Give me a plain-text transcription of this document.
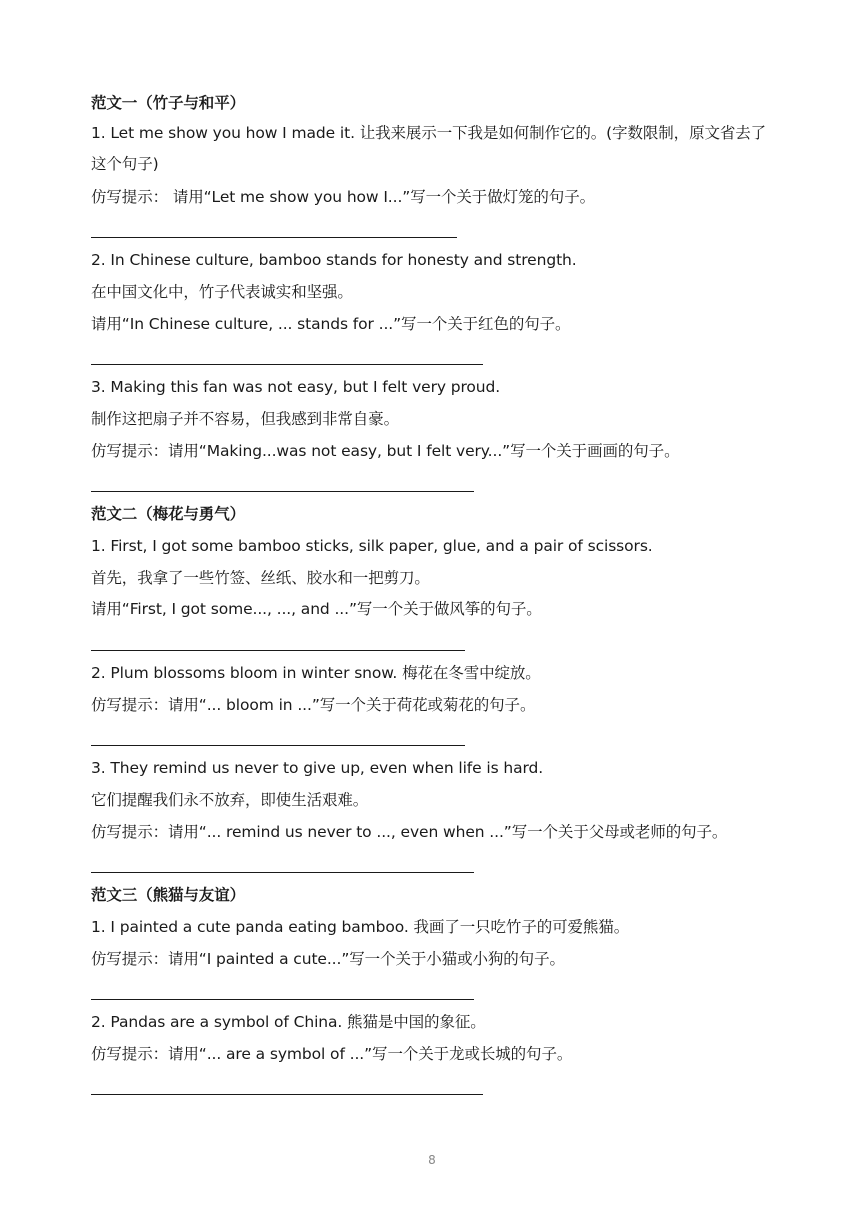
范文一（竹子与和平）

1. Let me show you how I made it. 让我来展示一下我是如何制作它的。(字数限制，原文省去了这个句子)

仿写提示： 请用“Let me show you how I...”写一个关于做灯笼的句子。

2. In Chinese culture, bamboo stands for honesty and strength.

在中国文化中，竹子代表诚实和坚强。

请用“In Chinese culture, ... stands for ...”写一个关于红色的句子。

3. Making this fan was not easy, but I felt very proud.

制作这把扇子并不容易，但我感到非常自豪。

仿写提示：请用“Making...was not easy, but I felt very...”写一个关于画画的句子。

范文二（梅花与勇气）

1. First, I got some bamboo sticks, silk paper, glue, and a pair of scissors.

首先，我拿了一些竹签、丝纸、胶水和一把剪刀。

请用“First, I got some..., ..., and ...”写一个关于做风筝的句子。

2. Plum blossoms bloom in winter snow. 梅花在冬雪中绽放。

仿写提示：请用“... bloom in ...”写一个关于荷花或菊花的句子。

3. They remind us never to give up, even when life is hard.

它们提醒我们永不放弃，即使生活艰难。

仿写提示：请用“... remind us never to ..., even when ...”写一个关于父母或老师的句子。

范文三（熊猫与友谊）

1. I painted a cute panda eating bamboo. 我画了一只吃竹子的可爱熊猫。

仿写提示：请用“I painted a cute...”写一个关于小猫或小狗的句子。

2. Pandas are a symbol of China. 熊猫是中国的象征。

仿写提示：请用“... are a symbol of ...”写一个关于龙或长城的句子。

8
